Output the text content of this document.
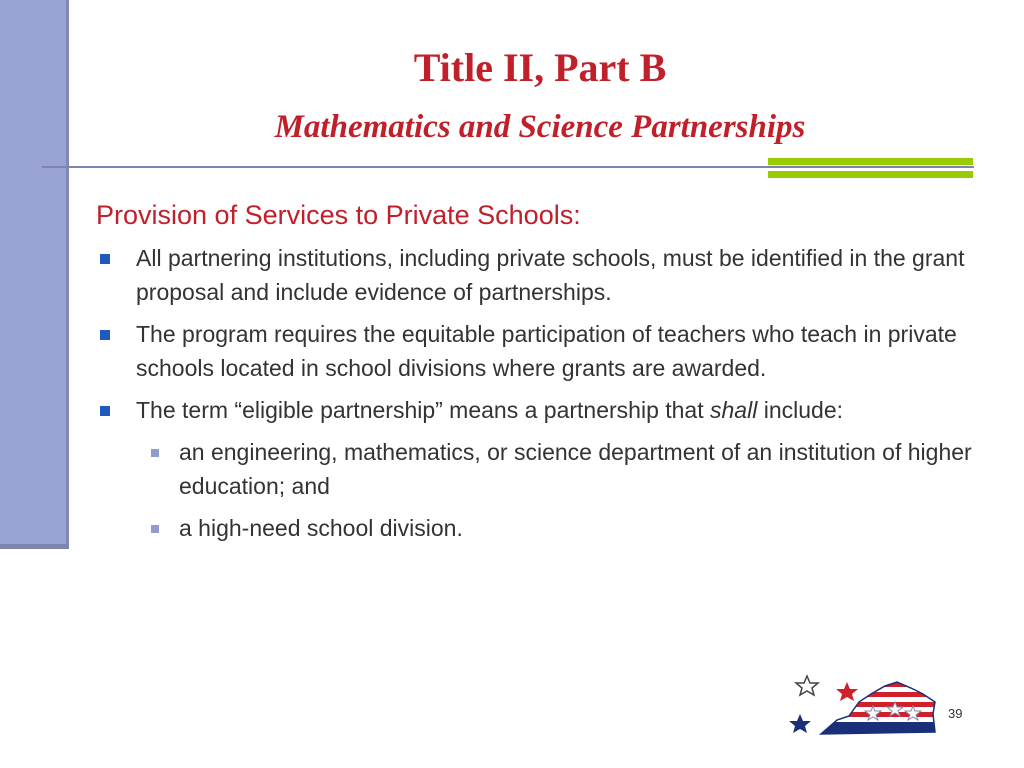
Title II, Part B
Mathematics and Science Partnerships
Provision of Services to Private Schools:
All partnering institutions, including private schools, must be identified in the grant proposal and include evidence of partnerships.
The program requires the equitable participation of teachers who teach in private schools located in school divisions where grants are awarded.
The term “eligible partnership” means a partnership that shall include:
an engineering, mathematics, or science department of an institution of higher education; and
a high-need school division.
39
